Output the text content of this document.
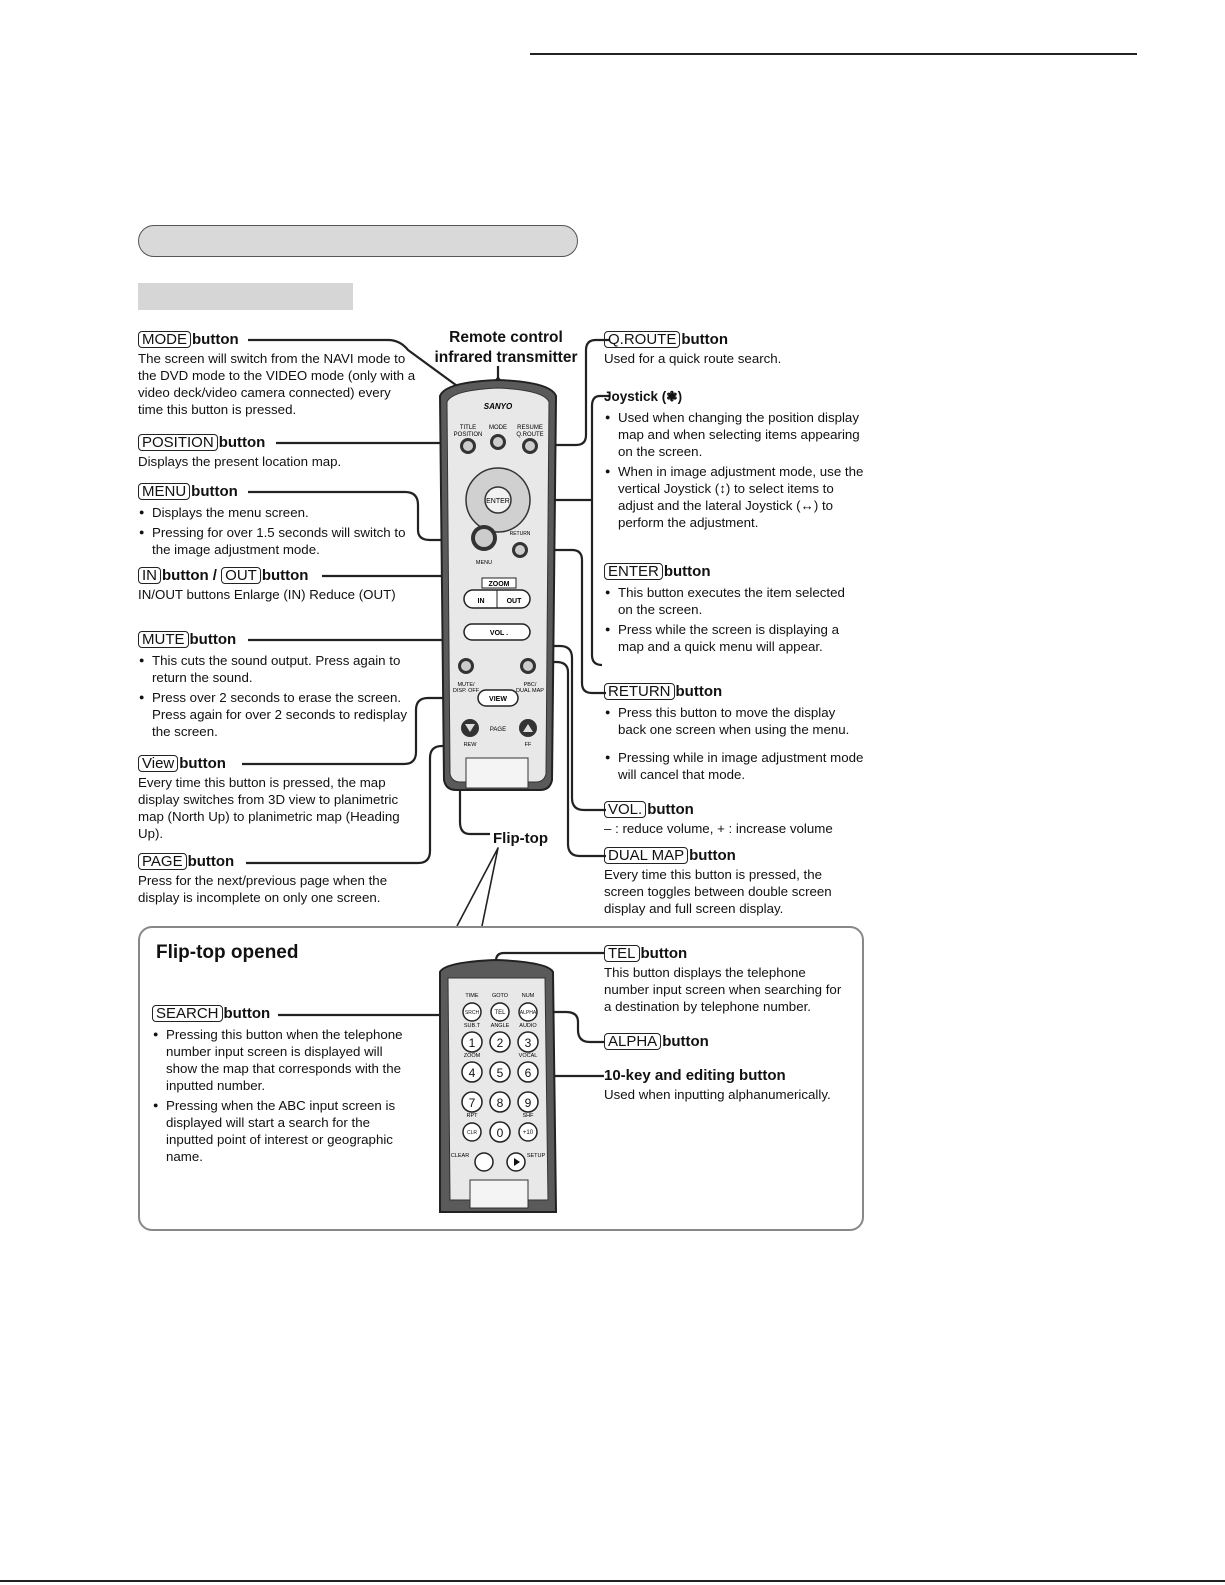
SANYO
TITLE
POSITION
MODE RESUME
Q.ROUTE
ENTER
MENU
RETURN
ZOOM
IN	OUT
VOL .
MUTE/
DISP. OFF
PBC/
DUAL MAP
VIEW
PAGE
REW	FF
TIME GOTO NUM
SUB.T ANGLE AUDIO
ZOOM	VOCAL
RPT	SHF
CLEAR	SETUP
SRCH	TEL	ALPHA
1 2 3
4 5 6
7 8 9
CLR 0	+10
Remote control
infrared transmitter
Flip-top
MODE button
The screen will switch from the NAVI mode to the DVD mode to the VIDEO mode (only with a video deck/video camera connected) every time this button is pressed.
POSITION button
Displays the present location map.
MENU button
● Displays the menu screen.
● Pressing for over 1.5 seconds will switch to the image adjustment mode.
IN button / OUT button
IN/OUT buttons Enlarge (IN) Reduce (OUT)
MUTE button
● This cuts the sound output. Press again to return the sound.
● Press over 2 seconds to erase the screen. Press again for over 2 seconds to redisplay the screen.
View button
Every time this button is pressed, the map display switches from 3D view to planimetric map (North Up) to planimetric map (Heading Up).
PAGE button
Press for the next/previous page when the display is incomplete on only one screen.
Q.ROUTE button
Used for a quick route search.
Joystick (❃)
● Used when changing the position display map and when selecting items appearing on the screen.
● When in image adjustment mode, use the vertical Joystick (↕) to select items to adjust and the lateral Joystick (↔) to perform the adjustment.
ENTER button
● This button executes the item selected on the screen.
● Press while the screen is displaying a map and a quick menu will appear.
RETURN button
● Press this button to move the display back one screen when using the menu.
● Pressing while in image adjustment mode will cancel that mode.
VOL. button
– : reduce volume, + : increase volume
DUAL MAP button
Every time this button is pressed, the screen toggles between double screen display and full screen display.
Flip-top opened
SEARCH button
● Pressing this button when the telephone number input screen is displayed will show the map that corresponds with the inputted number.
● Pressing when the ABC input screen is displayed will start a search for the inputted point of interest or geographic name.
TEL button
This button displays the telephone number input screen when searching for a destination by telephone number.
ALPHA button
10-key and editing button
Used when inputting alphanumerically.
